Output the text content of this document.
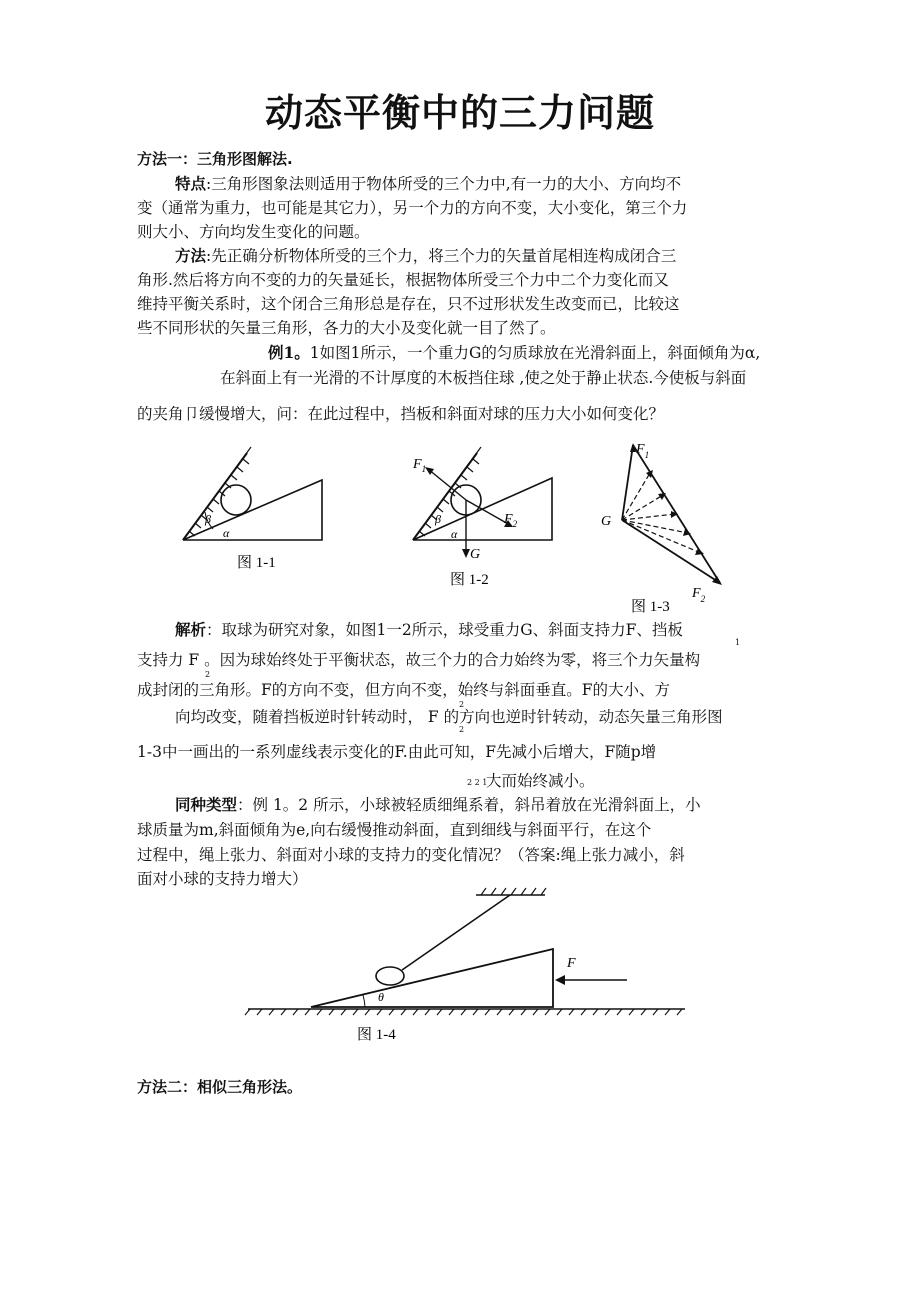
动态平衡中的三力问题
方法一：三角形图解法.
特点:三角形图象法则适用于物体所受的三个力中,有一力的大小、方向均不
变（通常为重力，也可能是其它力），另一个力的方向不变，大小变化，第三个力
则大小、方向均发生变化的问题。
方法:先正确分析物体所受的三个力，将三个力的矢量首尾相连构成闭合三
角形.然后将方向不变的力的矢量延长，根据物体所受三个力中二个力变化而又
维持平衡关系时，这个闭合三角形总是存在，只不过形状发生改变而已，比较这
些不同形状的矢量三角形，各力的大小及变化就一目了然了。
例1。1如图1所示，一个重力G的匀质球放在光滑斜面上，斜面倾角为α,
在斜面上有一光滑的不计厚度的木板挡住球 ,使之处于静止状态.今使板与斜面
的夹角卩缓慢增大，问：在此过程中，挡板和斜面对球的压力大小如何变化？
β
α
图 1-1
$F_1$
$F_2$
G
β
α
图 1-2
$F_1$
G
$F_2$
图 1-3
解析：取球为研究对象，如图1一2所示，球受重力G、斜面支持力F、挡板
1
支持力 F 。因为球始终处于平衡状态，故三个力的合力始终为零，将三个力矢量构
2
成封闭的三角形。F的方向不变，但方向不变，始终与斜面垂直。F的大小、方
向均改变，随着挡板逆时针转动时， F 的方向也逆时针转动，动态矢量三角形图
2
2
1-3中一画出的一系列虚线表示变化的F.由此可知，F先减小后增大，F随p增
2 2 1
大而始终减小。
同种类型：例 1。2 所示，小球被轻质细绳系着，斜吊着放在光滑斜面上，小
球质量为m,斜面倾角为e,向右缓慢推动斜面，直到细线与斜面平行，在这个
过程中，绳上张力、斜面对小球的支持力的变化情况？（答案:绳上张力减小，斜
面对小球的支持力增大）
θ
F
图 1-4
方法二：相似三角形法。
